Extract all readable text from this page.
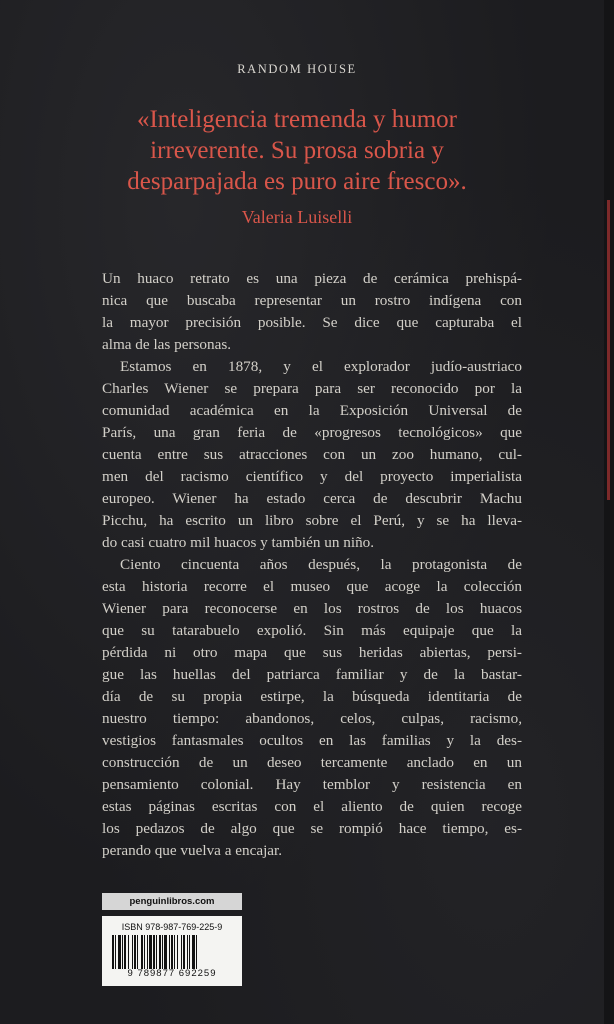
RANDOM HOUSE
«Inteligencia tremenda y humor
irreverente. Su prosa sobria y
desparpajada es puro aire fresco».
Valeria Luiselli
Un huaco retrato es una pieza de cerámica prehispá-
nica que buscaba representar un rostro indígena con
la mayor precisión posible. Se dice que capturaba el
alma de las personas.
Estamos en 1878, y el explorador judío-austriaco
Charles Wiener se prepara para ser reconocido por la
comunidad académica en la Exposición Universal de
París, una gran feria de «progresos tecnológicos» que
cuenta entre sus atracciones con un zoo humano, cul-
men del racismo científico y del proyecto imperialista
europeo. Wiener ha estado cerca de descubrir Machu
Picchu, ha escrito un libro sobre el Perú, y se ha lleva-
do casi cuatro mil huacos y también un niño.
Ciento cincuenta años después, la protagonista de
esta historia recorre el museo que acoge la colección
Wiener para reconocerse en los rostros de los huacos
que su tatarabuelo expolió. Sin más equipaje que la
pérdida ni otro mapa que sus heridas abiertas, persi-
gue las huellas del patriarca familiar y de la bastar-
día de su propia estirpe, la búsqueda identitaria de
nuestro tiempo: abandonos, celos, culpas, racismo,
vestigios fantasmales ocultos en las familias y la des-
construcción de un deseo tercamente anclado en un
pensamiento colonial. Hay temblor y resistencia en
estas páginas escritas con el aliento de quien recoge
los pedazos de algo que se rompió hace tiempo, es-
perando que vuelva a encajar.
penguinlibros.com
ISBN 978-987-769-225-9
9 789877 692259
